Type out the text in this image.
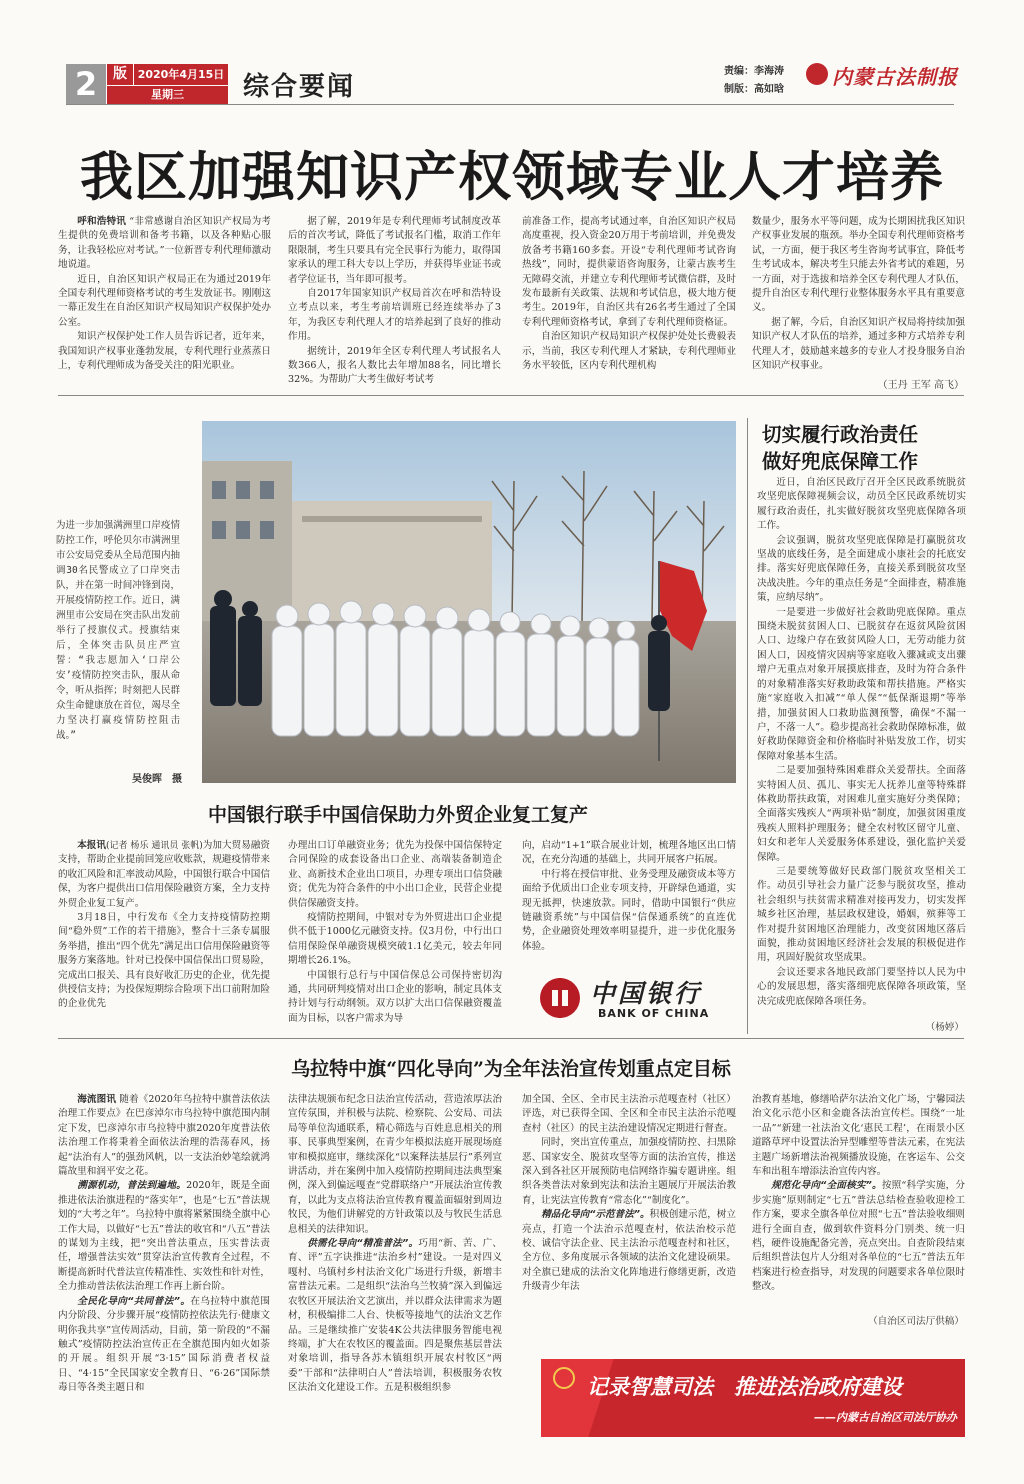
2	版 2020年4月15日
星期三	综合要闻
责编：李海涛
制版：高如晗
内蒙古法制报
我区加强知识产权领域专业人才培养

呼和浩特讯 “非常感谢自治区知识产权局为考生提供的免费培训和备考书籍，以及各种贴心服务，让我轻松应对考试。”一位新晋专利代理师激动地说道。

近日，自治区知识产权局正在为通过2019年全国专利代理师资格考试的考生发放证书。刚刚这一幕正发生在自治区知识产权局知识产权保护处办公室。

知识产权保护处工作人员告诉记者，近年来，我国知识产权事业蓬勃发展，专利代理行业蒸蒸日上，专利代理师成为备受关注的阳光职业。

据了解，2019年是专利代理师考试制度改革后的首次考试，降低了考试报名门槛，取消工作年限限制，考生只要具有完全民事行为能力，取得国家承认的理工科大专以上学历，并获得毕业证书或者学位证书，当年即可报考。

自2017年国家知识产权局首次在呼和浩特设立考点以来，考生考前培训班已经连续举办了3年，为我区专利代理人才的培养起到了良好的推动作用。

据统计，2019年全区专利代理人考试报名人数366人，报名人数比去年增加88名，同比增长32%。为帮助广大考生做好考试考

前准备工作，提高考试通过率，自治区知识产权局高度重视，投入资金20万用于考前培训，并免费发放备考书籍160多套。开设“专利代理师考试咨询热线”，同时，提供蒙语咨询服务，让蒙古族考生无障碍交流，并建立专利代理师考试微信群，及时发布最新有关政策、法规和考试信息，极大地方便考生。2019年，自治区共有26名考生通过了全国专利代理师资格考试，拿到了专利代理师资格证。

自治区知识产权局知识产权保护处处长费毅表示，当前，我区专利代理人才紧缺，专利代理师业务水平较低，区内专利代理机构

数量少，服务水平等问题，成为长期困扰我区知识产权事业发展的瓶颈。举办全国专利代理师资格考试，一方面，便于我区考生咨询考试事宜，降低考生考试成本，解决考生只能去外省考试的难题，另一方面，对于选拔和培养全区专利代理人才队伍，提升自治区专利代理行业整体服务水平具有重要意义。

据了解，今后，自治区知识产权局将持续加强知识产权人才队伍的培养，通过多种方式培养专利代理人才，鼓励越来越多的专业人才投身服务自治区知识产权事业。

（王丹 王军 高飞）
为进一步加强满洲里口岸疫情防控工作，呼伦贝尔市满洲里市公安局党委从全局范围内抽调30名民警成立了口岸突击队，并在第一时间冲锋到岗，开展疫情防控工作。近日，满洲里市公安局在突击队出发前举行了授旗仪式。授旗结束后，全体突击队员庄严宣誓：“我志愿加入‘口岸公安’疫情防控突击队，服从命令，听从指挥；时刻把人民群众生命健康放在首位，竭尽全力坚决打赢疫情防控阻击战。”
吴俊晖　摄
切实履行政治责任
做好兜底保障工作

近日，自治区民政厅召开全区民政系统脱贫攻坚兜底保障视频会议，动员全区民政系统切实履行政治责任，扎实做好脱贫攻坚兜底保障各项工作。

会议强调，脱贫攻坚兜底保障是打赢脱贫攻坚战的底线任务，是全面建成小康社会的托底安排。落实好兜底保障任务，直接关系到脱贫攻坚决战决胜。今年的重点任务是“全面排查，精准施策，应纳尽纳”。

一是要进一步做好社会救助兜底保障。重点围绕未脱贫贫困人口、已脱贫存在返贫风险贫困人口、边缘户存在致贫风险人口，无劳动能力贫困人口，因疫情灾因病等家庭收入骤减或支出骤增户无重点对象开展摸底排查，及时为符合条件的对象精准落实好救助政策和帮扶措施。严格实施“家庭收入扣减”“单人保”“低保渐退期”等举措，加强贫困人口救助监测预警，确保“不漏一户，不落一人”。稳步提高社会救助保障标准，做好救助保障资金和价格临时补贴发放工作，切实保障对象基本生活。

二是要加强特殊困难群众关爱帮扶。全面落实特困人员、孤儿、事实无人抚养儿童等特殊群体救助帮扶政策，对困难儿童实施好分类保障；全面落实残疾人“两项补贴”制度，加强贫困重度残疾人照料护理服务；健全农村牧区留守儿童、妇女和老年人关爱服务体系建设，强化监护关爱保障。

三是要统筹做好民政部门脱贫攻坚相关工作。动员引导社会力量广泛参与脱贫攻坚，推动社会组织与扶贫需求精准对接再发力，切实发挥城乡社区治理，基层政权建设，婚姻，殡葬等工作对提升贫困地区治理能力，改变贫困地区落后面貌，推动贫困地区经济社会发展的积极促进作用，巩固好脱贫攻坚成果。

会议还要求各地民政部门要坚持以人民为中心的发展思想，落实落细兜底保障各项政策，坚决完成兜底保障各项任务。

（杨婷）
中国银行联手中国信保助力外贸企业复工复产

本报讯(记者 杨乐 通讯员 张帆)为加大贸易融资支持，帮助企业提前回笼应收账款，规避疫情带来的收汇风险和汇率波动风险，中国银行联合中国信保，为客户提供出口信用保险融资方案，全力支持外贸企业复工复产。

3月18日，中行发布《全力支持疫情防控期间“稳外贸”工作的若干措施》，整合十三条专属服务举措，推出“四个优先”满足出口信用保险融资等服务方案落地。针对已投保中国信保出口贸易险，完成出口报关、具有良好收汇历史的企业，优先提供授信支持；为投保短期综合险项下出口前附加险的企业优先

办理出口订单融资业务；优先为投保中国信保特定合同保险的成套设备出口企业、高端装备制造企业、高新技术企业出口项目，办理专项出口信贷融资；优先为符合条件的中小出口企业，民营企业提供信保融资支持。

疫情防控期间，中银对专为外贸进出口企业提供不低于1000亿元融资支持。仅3月份，中行出口信用保险保单融资规模突破1.1亿美元，较去年同期增长26.1%。

中国银行总行与中国信保总公司保持密切沟通，共同研判疫情对出口企业的影响，制定具体支持计划与行动纲领。双方以扩大出口信保融资覆盖面为目标，以客户需求为导

向，启动“1+1”联合展业计划，梳理各地区出口情况，在充分沟通的基础上，共同开展客户拓展。

中行将在授信审批、业务受理及融资成本等方面给予优质出口企业专项支持，开辟绿色通道，实现无抵押，快速放款。同时，借助中国银行“供应链融资系统”与中国信保“信保通系统”的直连优势，企业融资处理效率明显提升，进一步优化服务体验。

中国银行
BANK OF CHINA
乌拉特中旗“四化导向”为全年法治宣传划重点定目标

海流图讯 随着《2020年乌拉特中旗普法依法治理工作要点》在巴彦淖尔市乌拉特中旗范围内制定下发，巴彦淖尔市乌拉特中旗2020年度普法依法治理工作将秉着全面依法治理的浩荡春风，扬起“法治有人”的强劲风帆，以一支法治妙笔绘就鸿篇故里和润平安之花。

溯源机动，普法到遍地。2020年，既是全面推进依法治旗进程的“落实年”，也是“七五”普法规划的“大考之年”。乌拉特中旗将紧紧围绕全旗中心工作大局，以做好“七五”普法的收官和“八五”普法的谋划为主线，把“突出普法重点，压实普法责任，增强普法实效”贯穿法治宣传教育全过程，不断提高新时代普法宣传精准性、实效性和针对性，全力推动普法依法治理工作再上新台阶。

全民化导向“共同普法”。在乌拉特中旗范围内分阶段、分步骤开展“疫情防控依法先行·健康文明你我共享”宣传周活动，目前，第一阶段的“不漏触式”疫情防控法治宣传正在全旗范围内如火如荼的开展。组织开展“3·15”国际消费者权益日、“4·15”全民国家安全教育日、“6·26”国际禁毒日等各类主题日和

法律法规颁布纪念日法治宣传活动，营造浓厚法治宣传氛围，并积极与法院、检察院、公安局、司法局等单位沟通联系，精心筛选与百姓息息相关的刑事、民事典型案例，在青少年模拟法庭开展现场庭审和模拟庭审，继续深化“以案释法基层行”系列宣讲活动，并在案例中加入疫情防控期间违法典型案例，深入到偏远嘎查“党群联络户”开展法治宣传教育，以此为支点将法治宣传教育覆盖面辐射到周边牧民，为他们讲解党的方针政策以及与牧民生活息息相关的法律知识。

供需化导向“精准普法”。巧用“新、苦、广、育、评”五字诀推进“法治乡村”建设。一是对四义嘎村、乌镇村乡村法治文化广场进行升级，新增丰富普法元素。二是组织“法治乌兰牧骑”深入到偏远农牧区开展法治文艺演出，并以群众法律需求为题材，积极编排二人台、快板等接地气的法治文艺作品。三是继续推广安装4K公共法律服务智能电视终端，扩大在农牧区的覆盖面。四是聚焦基层普法对象培训，指导各苏木镇组织开展农村牧区“两委”干部和“法律明白人”普法培训，积极服务农牧区法治文化建设工作。五是积极组织参

加全国、全区、全市民主法治示范嘎查村（社区）评选，对已获得全国、全区和全市民主法治示范嘎查村（社区）的民主法治建设情况定期进行督查。

同时，突出宣传重点，加强疫情防控、扫黑除恶、国家安全、脱贫攻坚等方面的法治宣传，推送深入到各社区开展预防电信网络诈骗专题讲座。组织各类普法对象到宪法和法治主题展厅开展法治教育，让宪法宣传教育“常态化”“制度化”。

精品化导向“示范普法”。积极创建示范，树立亮点，打造一个法治示范嘎查村，依法治校示范校、诚信守法企业、民主法治示范嘎查村和社区，全方位、多角度展示各领域的法治文化建设硕果。对全旗已建成的法治文化阵地进行修缮更新，改造升级青少年法

治教育基地，修缮哈萨尔法治文化广场，宁馨园法治文化示范小区和金鹿各法治宣传栏。围绕“一址一品”“新建一社法治文化‘惠民工程’，在雨景小区道路草坪中设置法治异型雕塑等普法元素，在宪法主题广场新增法治视频播放设施，在客运车、公交车和出租车增添法治宣传内容。

规范化导向“全面核实”。按照“科学实施，分步实施”原则制定“七五”普法总结检查验收迎检工作方案，要求全旗各单位对照“七五”普法验收细则进行全面自查，做到软件资料分门别类、统一归档，硬件设施配备完善，亮点突出。自查阶段结束后组织普法包片人分组对各单位的“七五”普法五年档案进行检查指导，对发现的问题要求各单位限时整改。

（自治区司法厅供稿）
记录智慧司法　推进法治政府建设
——内蒙古自治区司法厅协办
